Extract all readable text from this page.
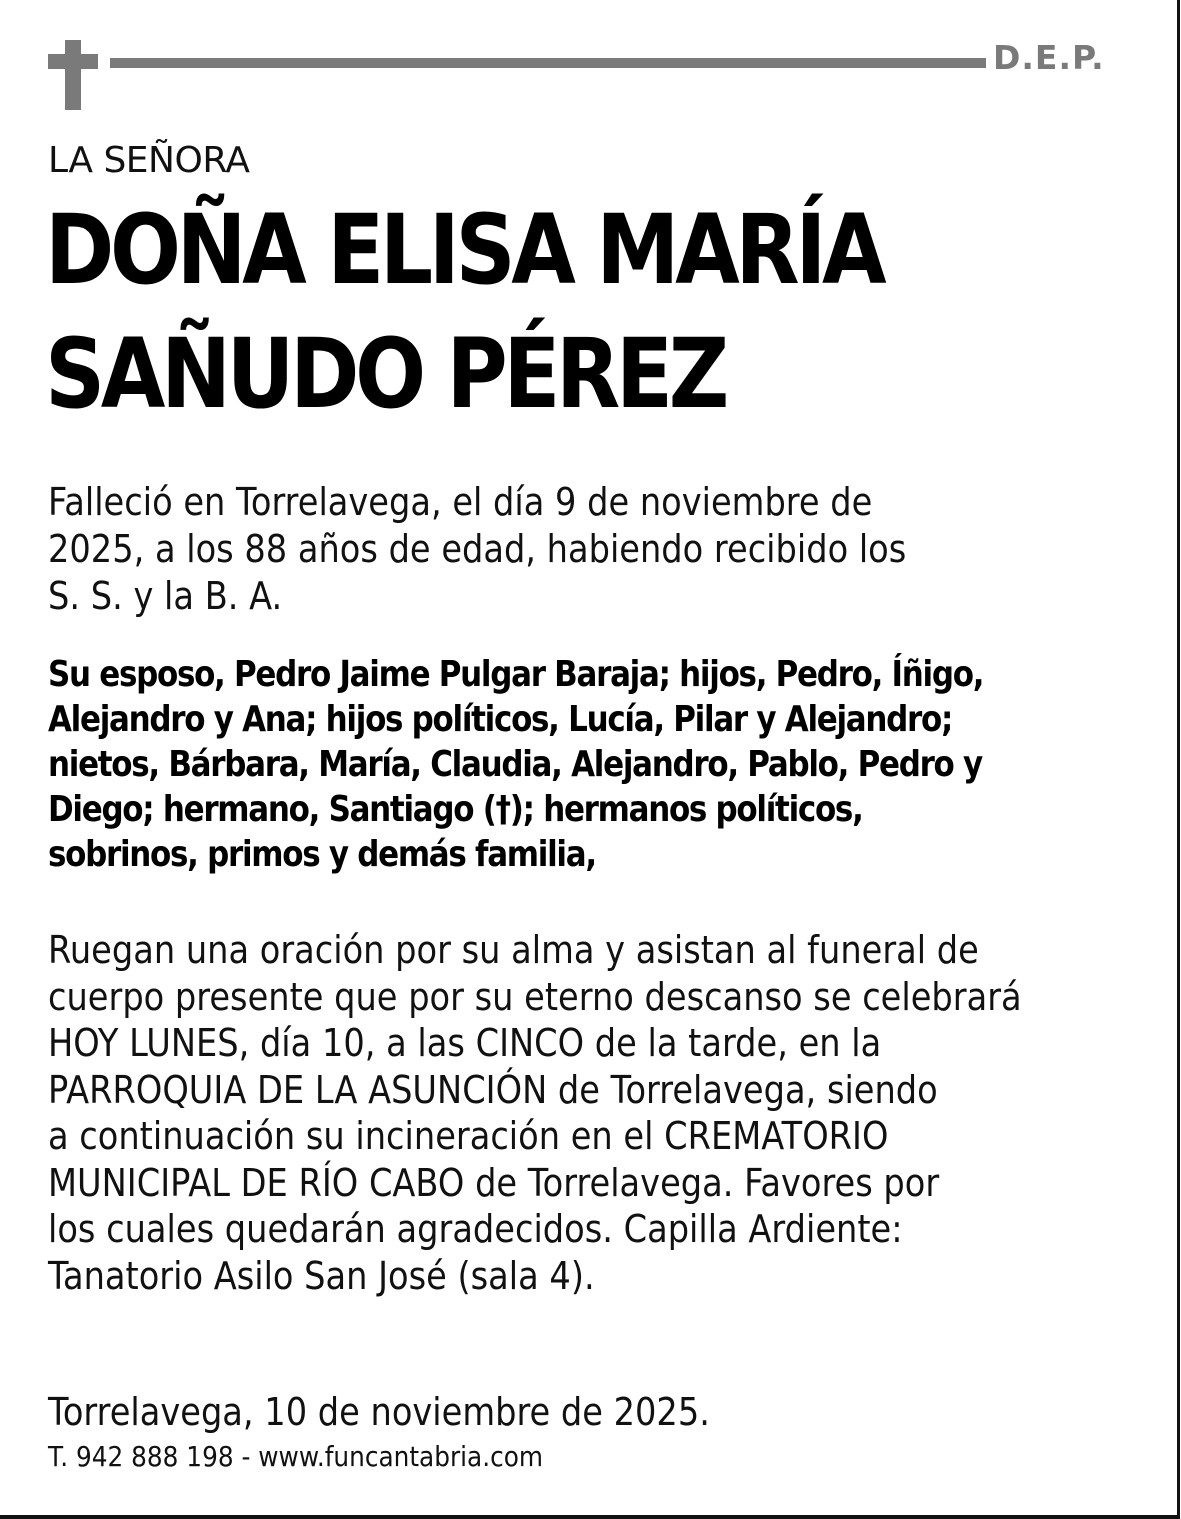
D.E.P.
LA SEÑORA
DOÑA ELISA MARÍA
SAÑUDO PÉREZ
Falleció en Torrelavega, el día 9 de noviembre de
2025, a los 88 años de edad, habiendo recibido los
S. S. y la B. A.
Su esposo, Pedro Jaime Pulgar Baraja; hijos, Pedro, Íñigo,
Alejandro y Ana; hijos políticos, Lucía, Pilar y Alejandro;
nietos, Bárbara, María, Claudia, Alejandro, Pablo, Pedro y
Diego; hermano, Santiago (†); hermanos políticos,
sobrinos, primos y demás familia,
Ruegan una oración por su alma y asistan al funeral de
cuerpo presente que por su eterno descanso se celebrará
HOY LUNES, día 10, a las CINCO de la tarde, en la
PARROQUIA DE LA ASUNCIÓN de Torrelavega, siendo
a continuación su incineración en el CREMATORIO
MUNICIPAL DE RÍO CABO de Torrelavega. Favores por
los cuales quedarán agradecidos. Capilla Ardiente:
Tanatorio Asilo San José (sala 4).
Torrelavega, 10 de noviembre de 2025.
T. 942 888 198 - www.funcantabria.com
